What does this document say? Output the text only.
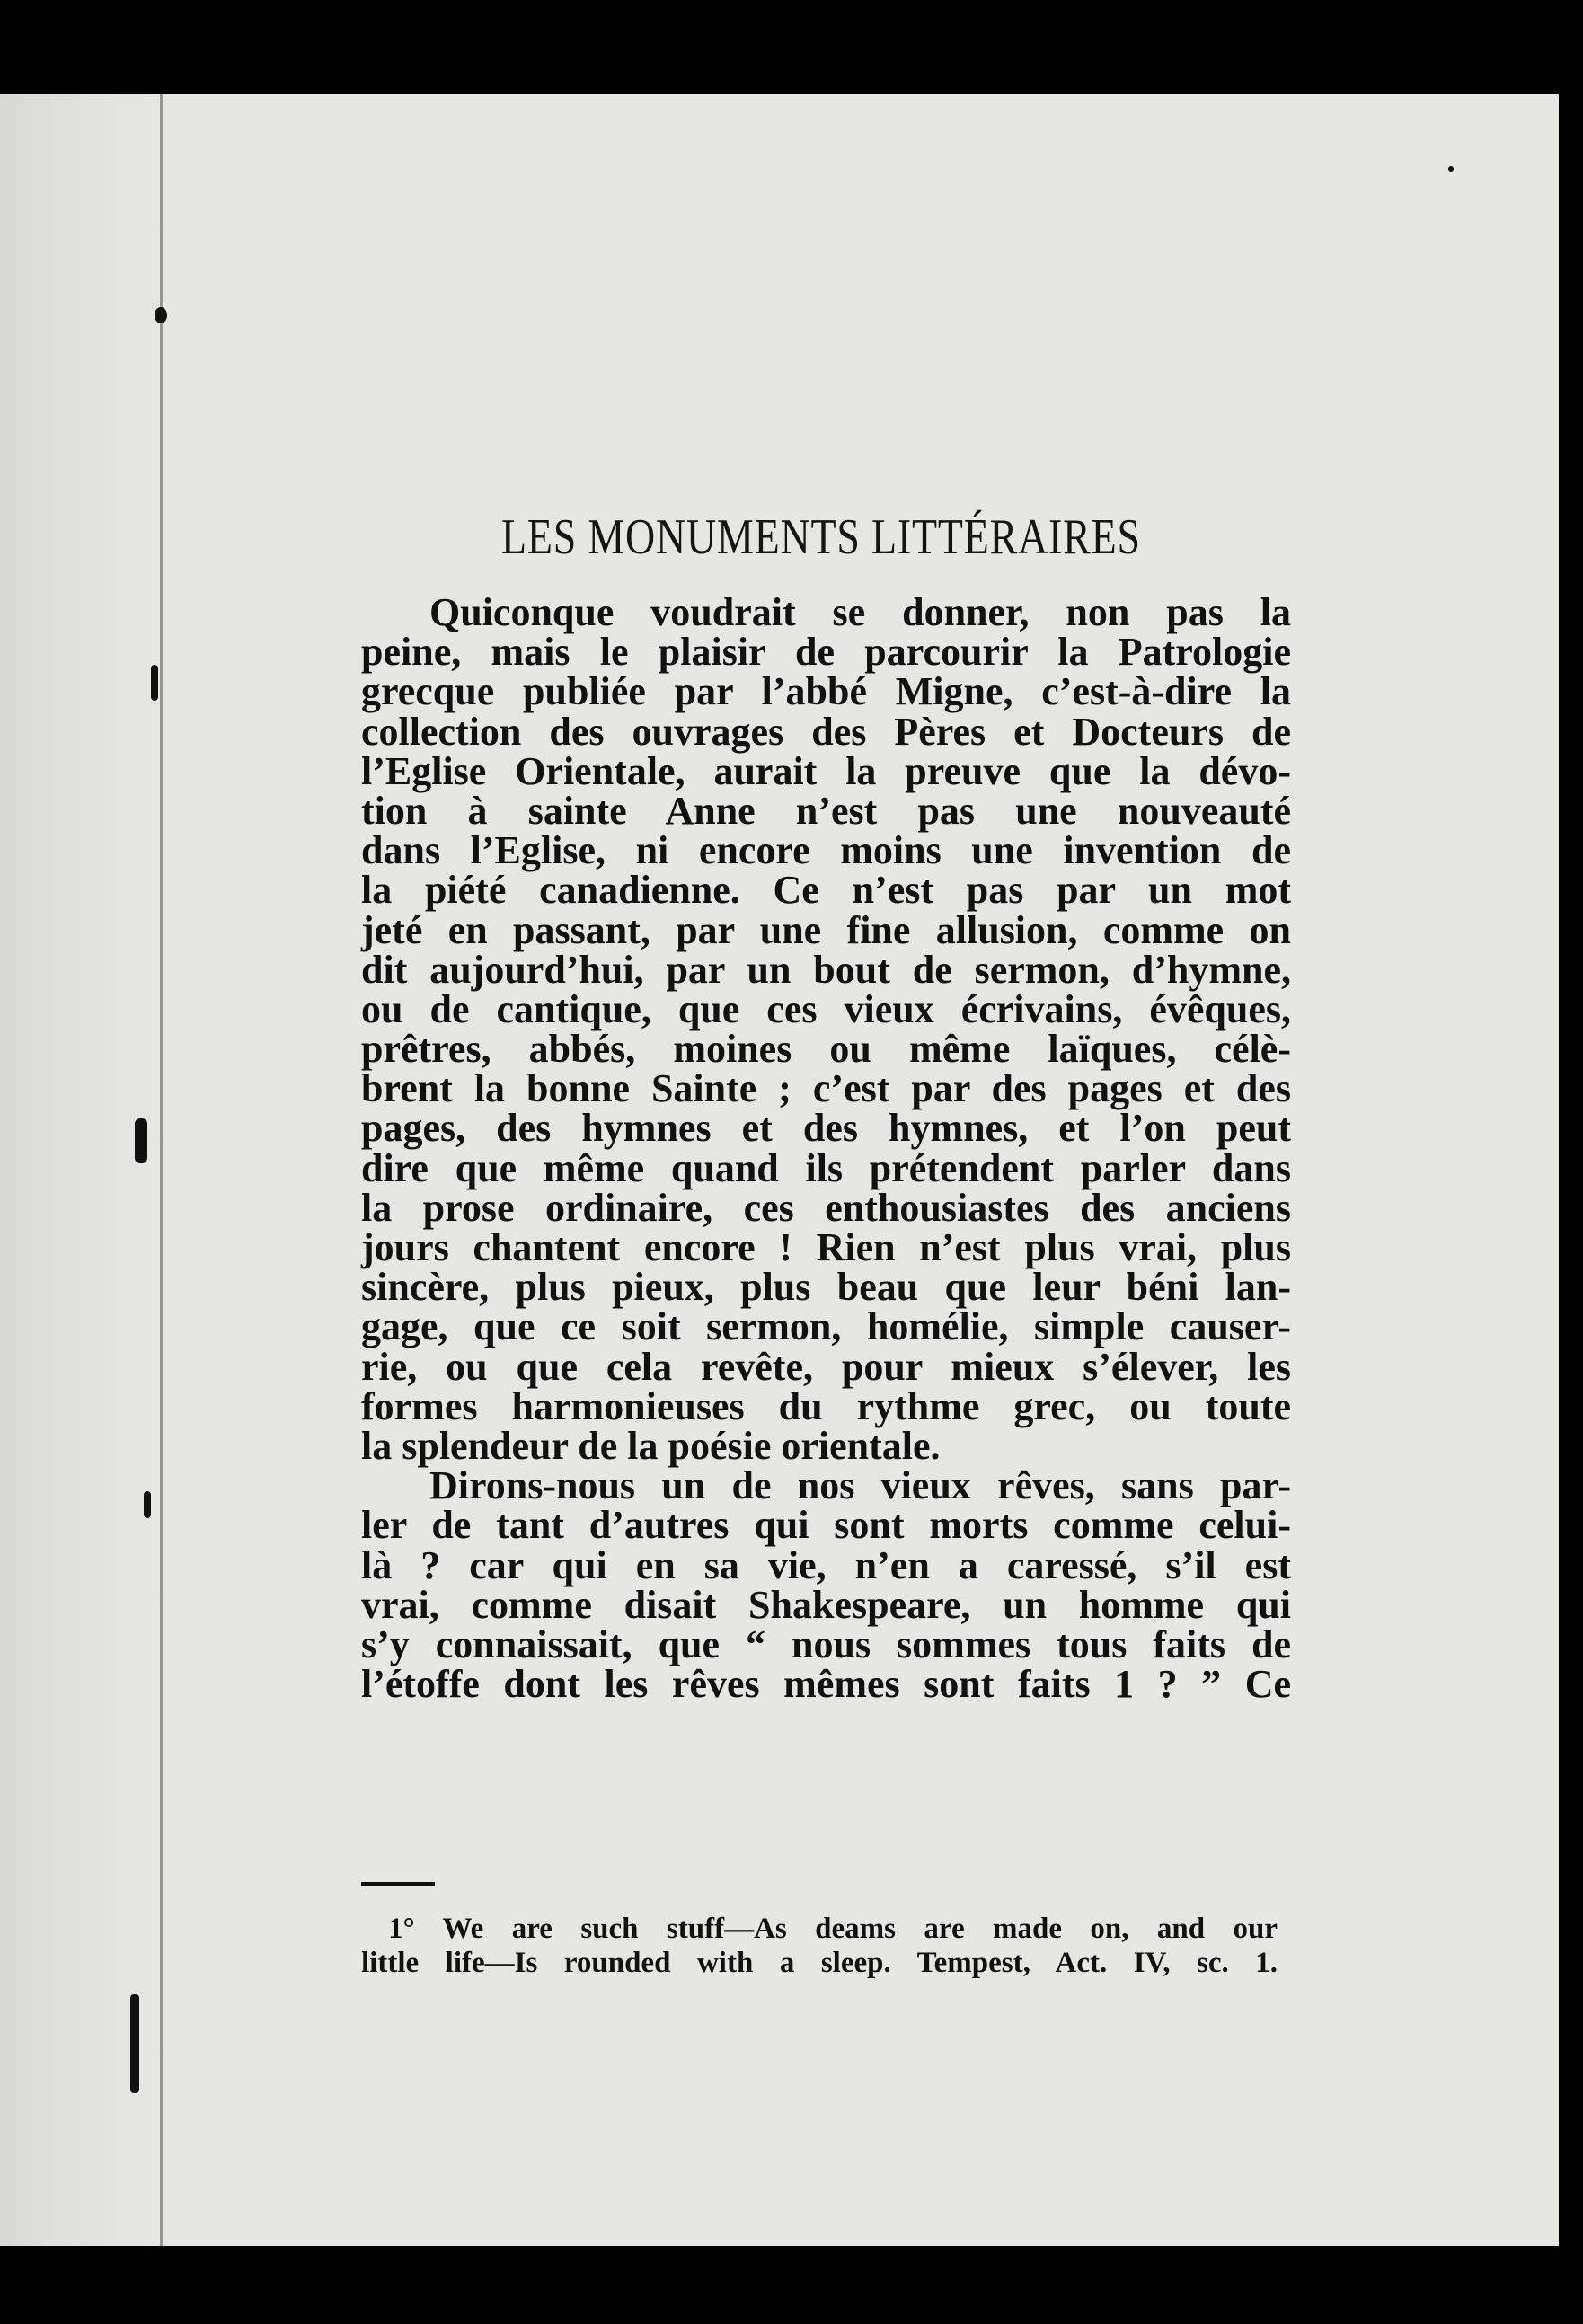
LES MONUMENTS LITTÉRAIRES
Quiconque voudrait se donner, non pas la
peine, mais le plaisir de parcourir la Patrologie
grecque publiée par l’abbé Migne, c’est-à-dire la
collection des ouvrages des Pères et Docteurs de
l’Eglise Orientale, aurait la preuve que la dévo-
tion à sainte Anne n’est pas une nouveauté
dans l’Eglise, ni encore moins une invention de
la piété canadienne. Ce n’est pas par un mot
jeté en passant, par une fine allusion, comme on
dit aujourd’hui, par un bout de sermon, d’hymne,
ou de cantique, que ces vieux écrivains, évêques,
prêtres, abbés, moines ou même laïques, célè-
brent la bonne Sainte ; c’est par des pages et des
pages, des hymnes et des hymnes, et l’on peut
dire que même quand ils prétendent parler dans
la prose ordinaire, ces enthousiastes des anciens
jours chantent encore ! Rien n’est plus vrai, plus
sincère, plus pieux, plus beau que leur béni lan-
gage, que ce soit sermon, homélie, simple causer-
rie, ou que cela revête, pour mieux s’élever, les
formes harmonieuses du rythme grec, ou toute
la splendeur de la poésie orientale.
Dirons-nous un de nos vieux rêves, sans par-
ler de tant d’autres qui sont morts comme celui-
là ? car qui en sa vie, n’en a caressé, s’il est
vrai, comme disait Shakespeare, un homme qui
s’y connaissait, que “ nous sommes tous faits de
l’étoffe dont les rêves mêmes sont faits 1 ? ” Ce
1° We are such stuff—As deams are made on, and our
little life—Is rounded with a sleep. Tempest, Act. IV, sc. 1.
